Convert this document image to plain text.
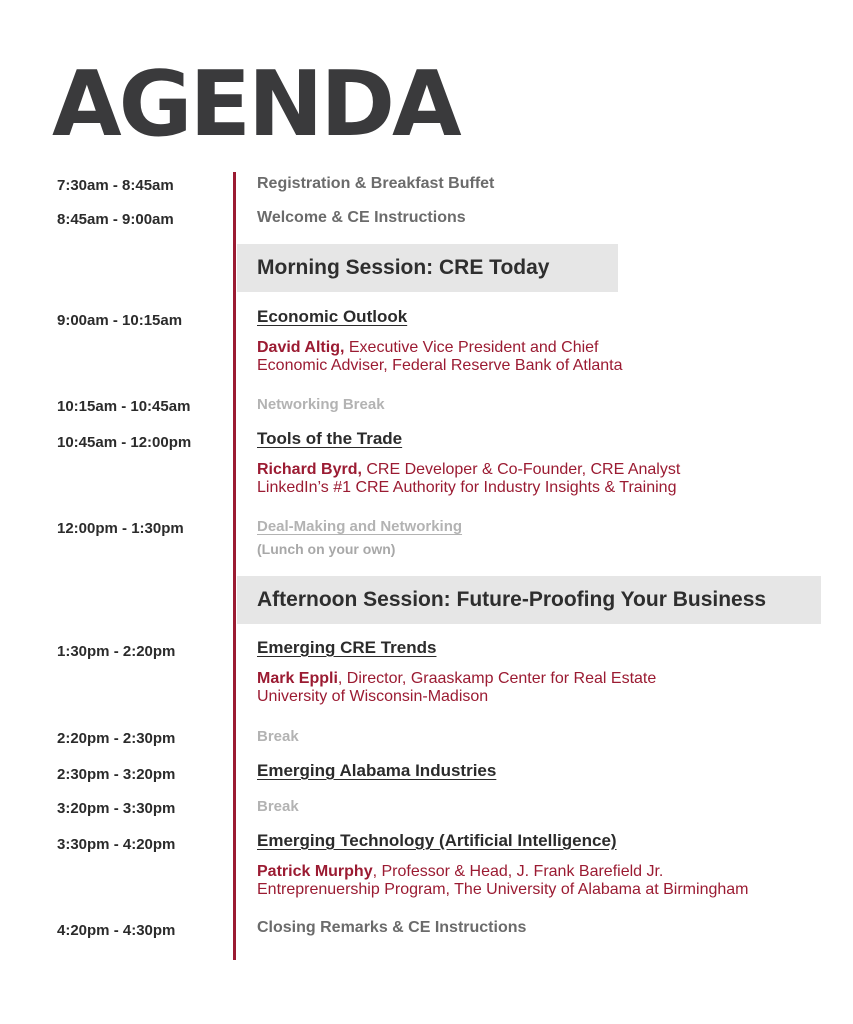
AGENDA
7:30am - 8:45am	Registration & Breakfast Buffet
8:45am - 9:00am	Welcome & CE Instructions
Morning Session: CRE Today
9:00am - 10:15am	Economic Outlook
David Altig, Executive Vice President and Chief
Economic Adviser, Federal Reserve Bank of Atlanta
10:15am - 10:45am	Networking Break
10:45am - 12:00pm	Tools of the Trade
Richard Byrd, CRE Developer & Co-Founder, CRE Analyst
LinkedIn’s #1 CRE Authority for Industry Insights & Training
12:00pm - 1:30pm	Deal-Making and Networking
(Lunch on your own)
Afternoon Session: Future-Proofing Your Business
1:30pm - 2:20pm	Emerging CRE Trends
Mark Eppli, Director, Graaskamp Center for Real Estate
University of Wisconsin-Madison
2:20pm - 2:30pm	Break
2:30pm - 3:20pm	Emerging Alabama Industries
3:20pm - 3:30pm	Break
3:30pm - 4:20pm	Emerging Technology (Artificial Intelligence)
Patrick Murphy, Professor & Head, J. Frank Barefield Jr.
Entreprenuership Program, The University of Alabama at Birmingham
4:20pm - 4:30pm	Closing Remarks & CE Instructions
